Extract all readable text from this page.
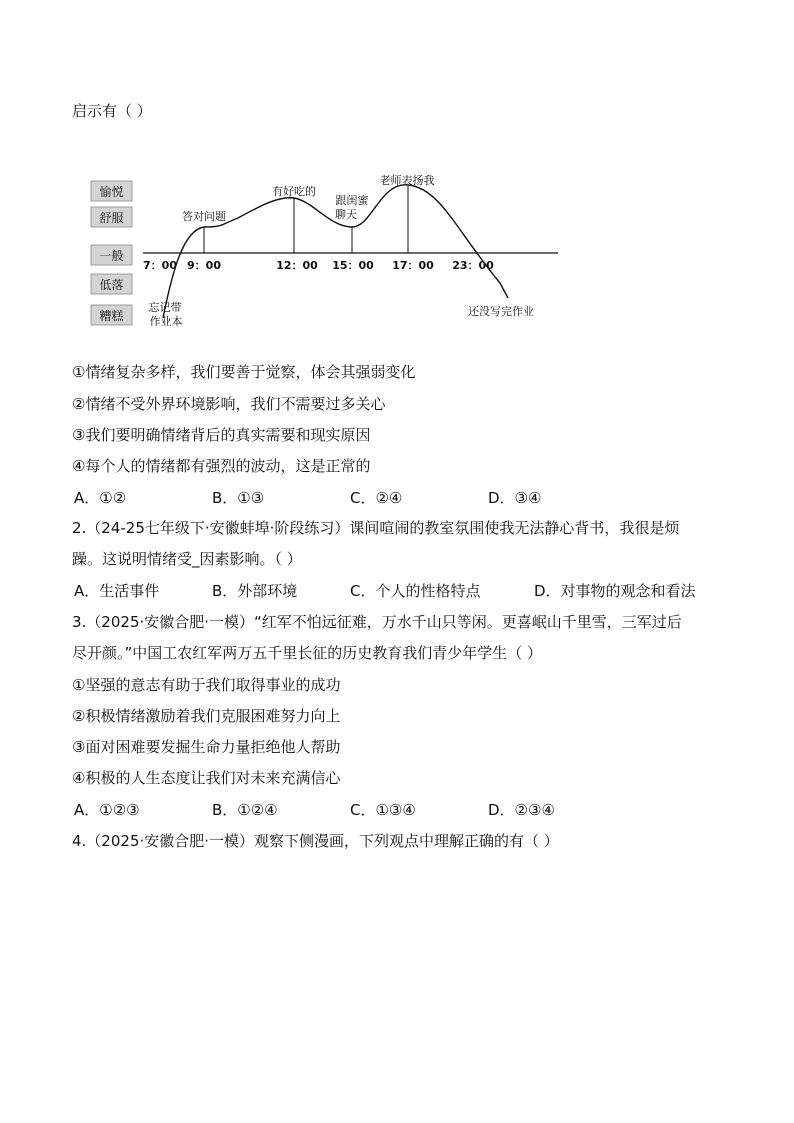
启示有（ ）
愉悦
舒服
一般
低落
糟糕
7：00 9：00	12：00 15：00 17：00 23：00
忘记带
作业本
答对问题
有好吃的
跟闺蜜
聊天
老师表扬我
还没写完作业
①情绪复杂多样，我们要善于觉察，体会其强弱变化
②情绪不受外界环境影响，我们不需要过多关心
③我们要明确情绪背后的真实需要和现实原因
④每个人的情绪都有强烈的波动，这是正常的
A．①②	B．①③	C．②④	D．③④
2.（24-25七年级下·安徽蚌埠·阶段练习）课间喧闹的教室氛围使我无法静心背书，我很是烦
躁。这说明情绪受_因素影响。（ ）
A．生活事件	B．外部环境	C．个人的性格特点	D．对事物的观念和看法
3.（2025·安徽合肥·一模）“红军不怕远征难，万水千山只等闲。更喜岷山千里雪，三军过后
尽开颜。”中国工农红军两万五千里长征的历史教育我们青少年学生（ ）
①坚强的意志有助于我们取得事业的成功
②积极情绪激励着我们克服困难努力向上
③面对困难要发掘生命力量拒绝他人帮助
④积极的人生态度让我们对未来充满信心
A．①②③	B．①②④	C．①③④	D．②③④
4.（2025·安徽合肥·一模）观察下侧漫画，下列观点中理解正确的有（ ）
